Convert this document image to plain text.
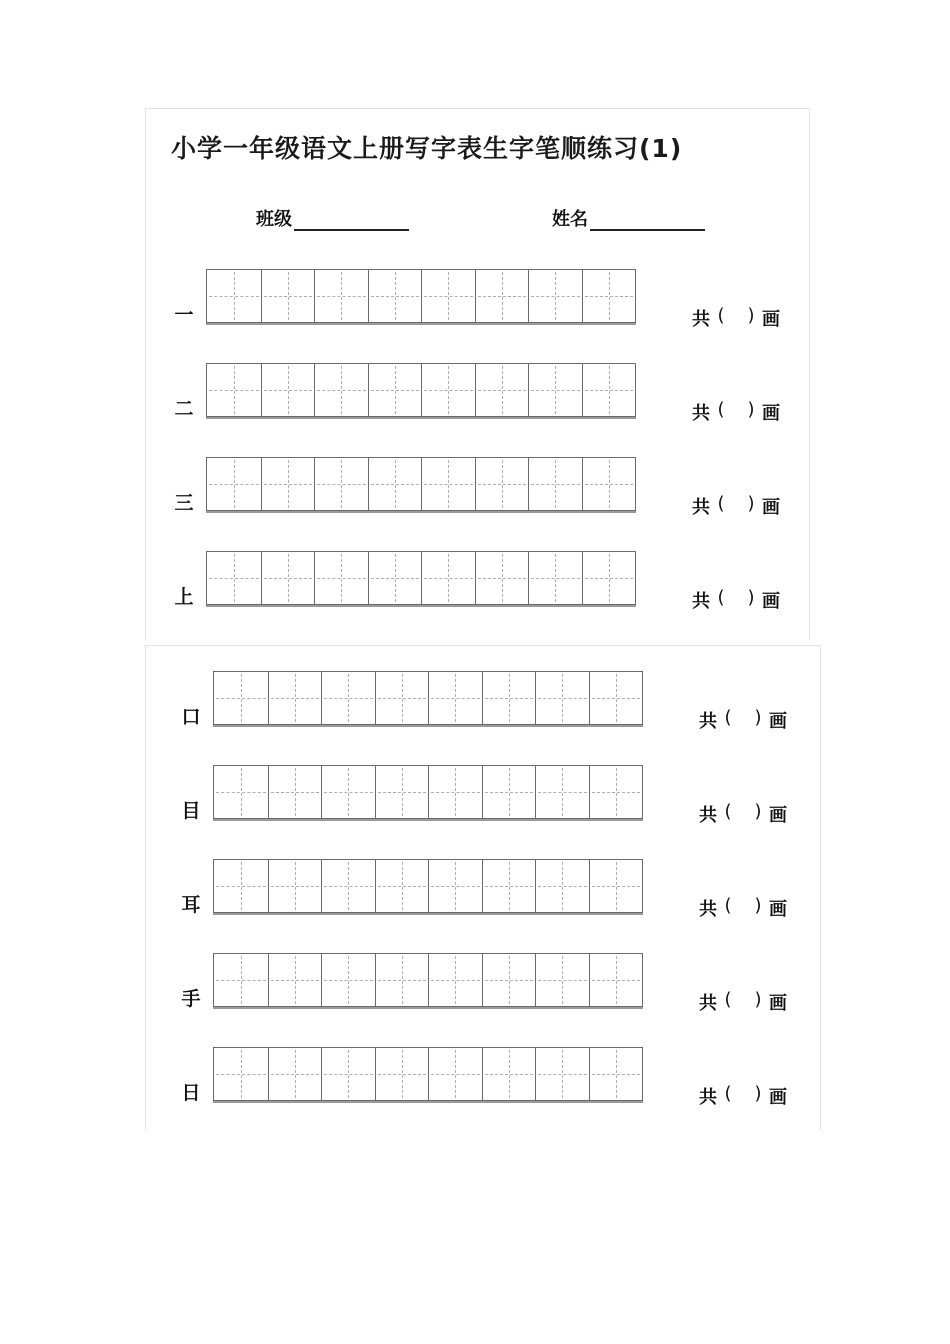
小学一年级语文上册写字表生字笔顺练习(1)
班级	姓名
一	共 (	) 画
二	共 (	) 画
三	共 (	) 画
上	共 (	) 画
口	共 (	) 画
目	共 (	) 画
耳	共 (	) 画
手	共 (	) 画
日	共 (	) 画
